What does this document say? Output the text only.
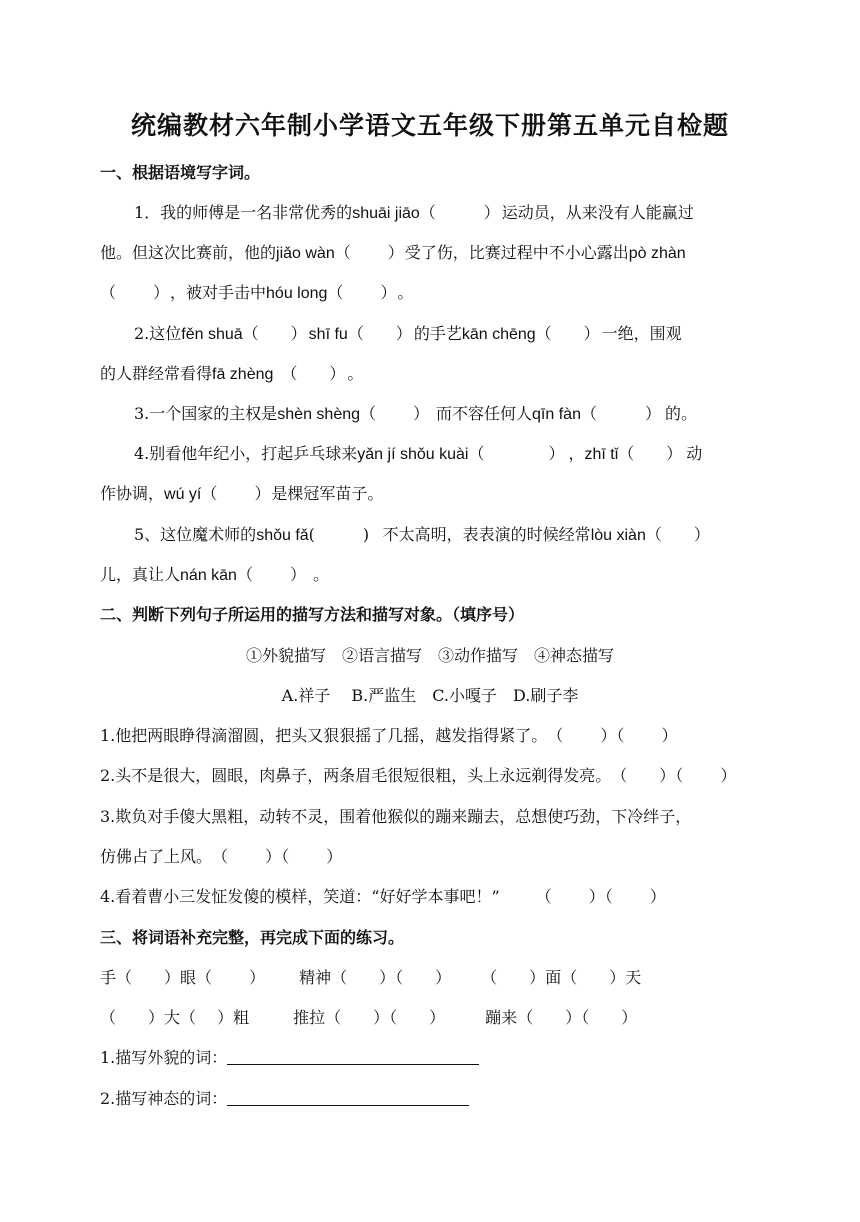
统编教材六年制小学语文五年级下册第五单元自检题
一、根据语境写字词。
1．我的师傅是一名非常优秀的shuāi jiāo（　　　） 运动员，从来没有人能赢过
他。但这次比赛前，他的jiǎo wàn（　　 ）受了伤，比赛过程中不小心露出pò zhàn
（　　 ），被对手击中hóu long（　　 ）。
2.这位fěn shuā（　　） shī fu（　　） 的手艺kān chēng（　　） 一绝，围观
的人群经常看得fā zhèng　（　　） 。
3.一个国家的主权是shèn shèng（　　 ） 而不容任何人qīn fàn（　　　） 的。
4.别看他年纪小，打起乒乓球来yǎn jí shǒu kuài（　　　　） ，zhī tǐ（　　） 动
作协调，wú yí（　　 ）是棵冠军苗子。
5、这位魔术师的shǒu fǎ(　　　) 不太高明，表表演的时候经常lòu xiàn（　　）
儿，真让人nán kān（　　 ） 。
二、判断下列句子所运用的描写方法和描写对象。（填序号）
①外貌描写　②语言描写　③动作描写　④神态描写
A.祥子　 B.严监生　C.小嘎子　D.刷子李
1.他把两眼睁得滴溜圆，把头又狠狠摇了几摇，越发指得紧了。（　　 ）（　　 ）
2.头不是很大，圆眼，肉鼻子，两条眉毛很短很粗，头上永远剃得发亮。（　　）（　　 ）
3.欺负对手傻大黑粗，动转不灵，围着他猴似的蹦来蹦去，总想使巧劲，下冷绊子，
仿佛占了上风。（　　 ）（　　 ）
4.看着曹小三发怔发傻的模样，笑道：“好好学本事吧！” （　　 ）（　　 ）
三、将词语补充完整，再完成下面的练习。
手（　　）眼（　　 ） 精神（　　）（　　） （　　）面（　　）天
（　　）大（　 ）粗	推拉（　　）（　　）	蹦来（　　）（　　）
1.描写外貌的词：
2.描写神态的词：
